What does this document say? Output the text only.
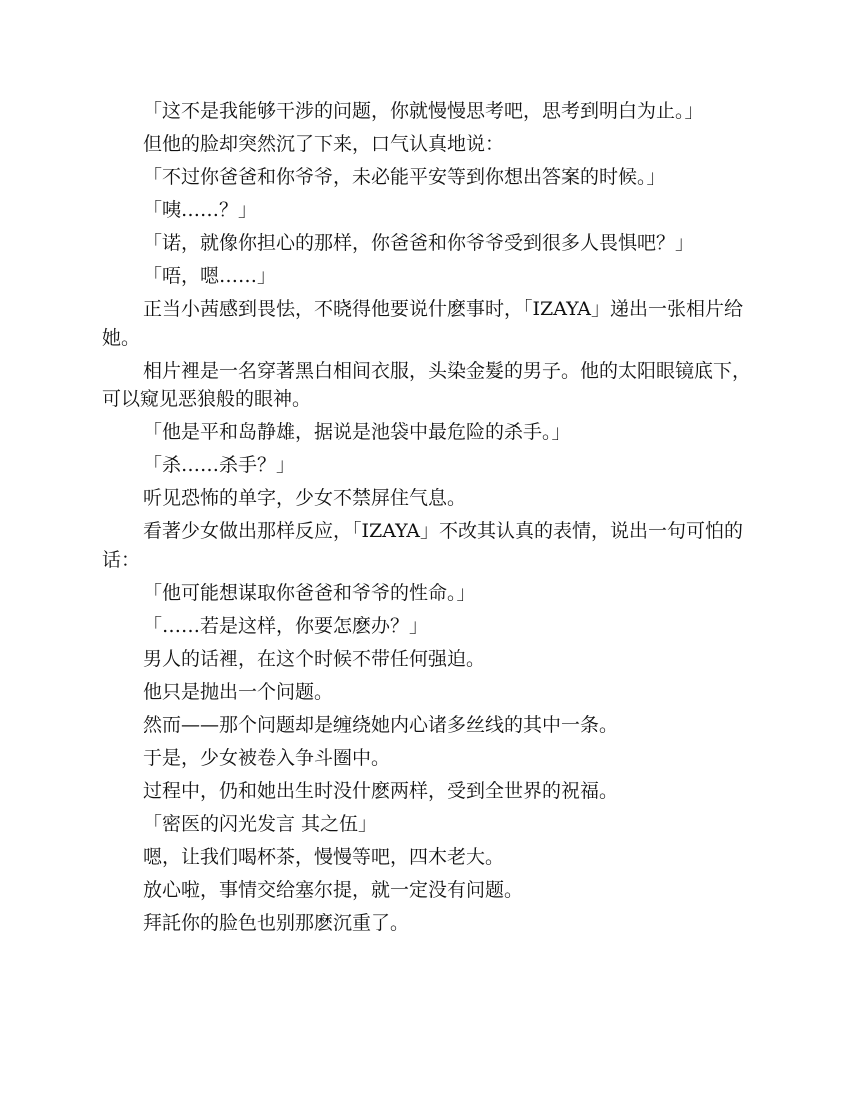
「这不是我能够干涉的问题，你就慢慢思考吧，思考到明白为止。」

但他的脸却突然沉了下来，口气认真地说：

「不过你爸爸和你爷爷，未必能平安等到你想出答案的时候。」

「咦……？」

「诺，就像你担心的那样，你爸爸和你爷爷受到很多人畏惧吧？」

「唔，嗯……」

正当小茜感到畏怯，不晓得他要说什麽事时，「IZAYA」递出一张相片给她。

相片裡是一名穿著黑白相间衣服，头染金髮的男子。他的太阳眼镜底下，可以窥见恶狼般的眼神。

「他是平和岛静雄，据说是池袋中最危险的杀手。」

「杀……杀手？」

听见恐怖的单字，少女不禁屏住气息。

看著少女做出那样反应，「IZAYA」不改其认真的表情，说出一句可怕的话：

「他可能想谋取你爸爸和爷爷的性命。」

「……若是这样，你要怎麽办？」

男人的话裡，在这个时候不带任何强迫。

他只是抛出一个问题。

然而——那个问题却是缠绕她内心诸多丝线的其中一条。

于是，少女被卷入争斗圈中。

过程中，仍和她出生时没什麽两样，受到全世界的祝福。

「密医的闪光发言 其之伍」

嗯，让我们喝杯茶，慢慢等吧，四木老大。

放心啦，事情交给塞尔提，就一定没有问题。

拜託你的脸色也别那麽沉重了。
